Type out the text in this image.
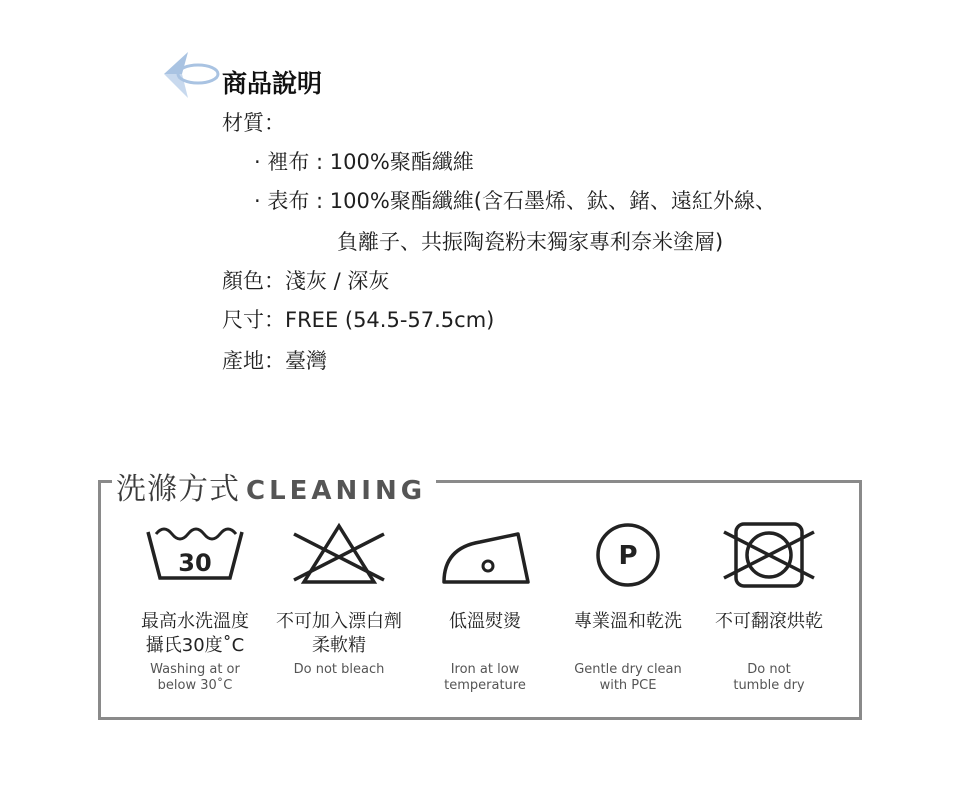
商品說明
材質：
· 裡布 : 100%聚酯纖維
· 表布 : 100%聚酯纖維(含石墨烯、鈦、鍺、遠紅外線、
負離子、共振陶瓷粉末獨家專利奈米塗層)
顏色：淺灰 / 深灰
尺寸：FREE (54.5-57.5cm)
產地：臺灣
洗滌方式 CLEANING
30
最高水洗溫度
攝氏30度˚C
Washing at or
below 30˚C
不可加入漂白劑
柔軟精
Do not bleach
低溫熨燙
Iron at low
temperature
P
專業溫和乾洗
Gentle dry clean
with PCE
不可翻滾烘乾
Do not
tumble dry
